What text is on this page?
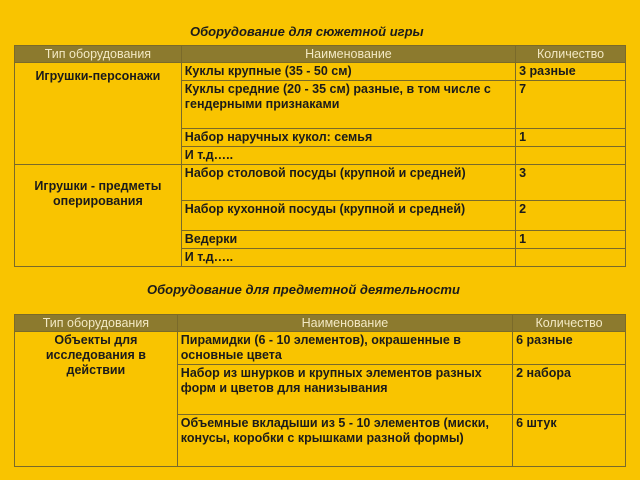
Оборудование для сюжетной игры
Тип оборудования	Наименование	Количество
Игрушки-персонажи	Куклы крупные (35 - 50 см)	3 разные
	Куклы средние (20 - 35 см) разные, в том числе с гендерными признаками	7
	Набор наручных кукол: семья	1
	И т.д…..	
Игрушки - предметы оперирования	Набор столовой посуды (крупной и средней)	3
	Набор кухонной посуды (крупной и средней)	2
	Ведерки	1
	И т.д…..	
Оборудование для предметной деятельности
Тип оборудования	Наименование	Количество
Объекты для исследования в действии	Пирамидки (6 - 10 элементов), окрашенные в основные цвета	6 разные
	Набор из шнурков и крупных элементов разных форм и цветов для нанизывания	2 набора
	Объемные вкладыши из 5 - 10 элементов (миски, конусы, коробки с крышками разной формы)	6 штук
